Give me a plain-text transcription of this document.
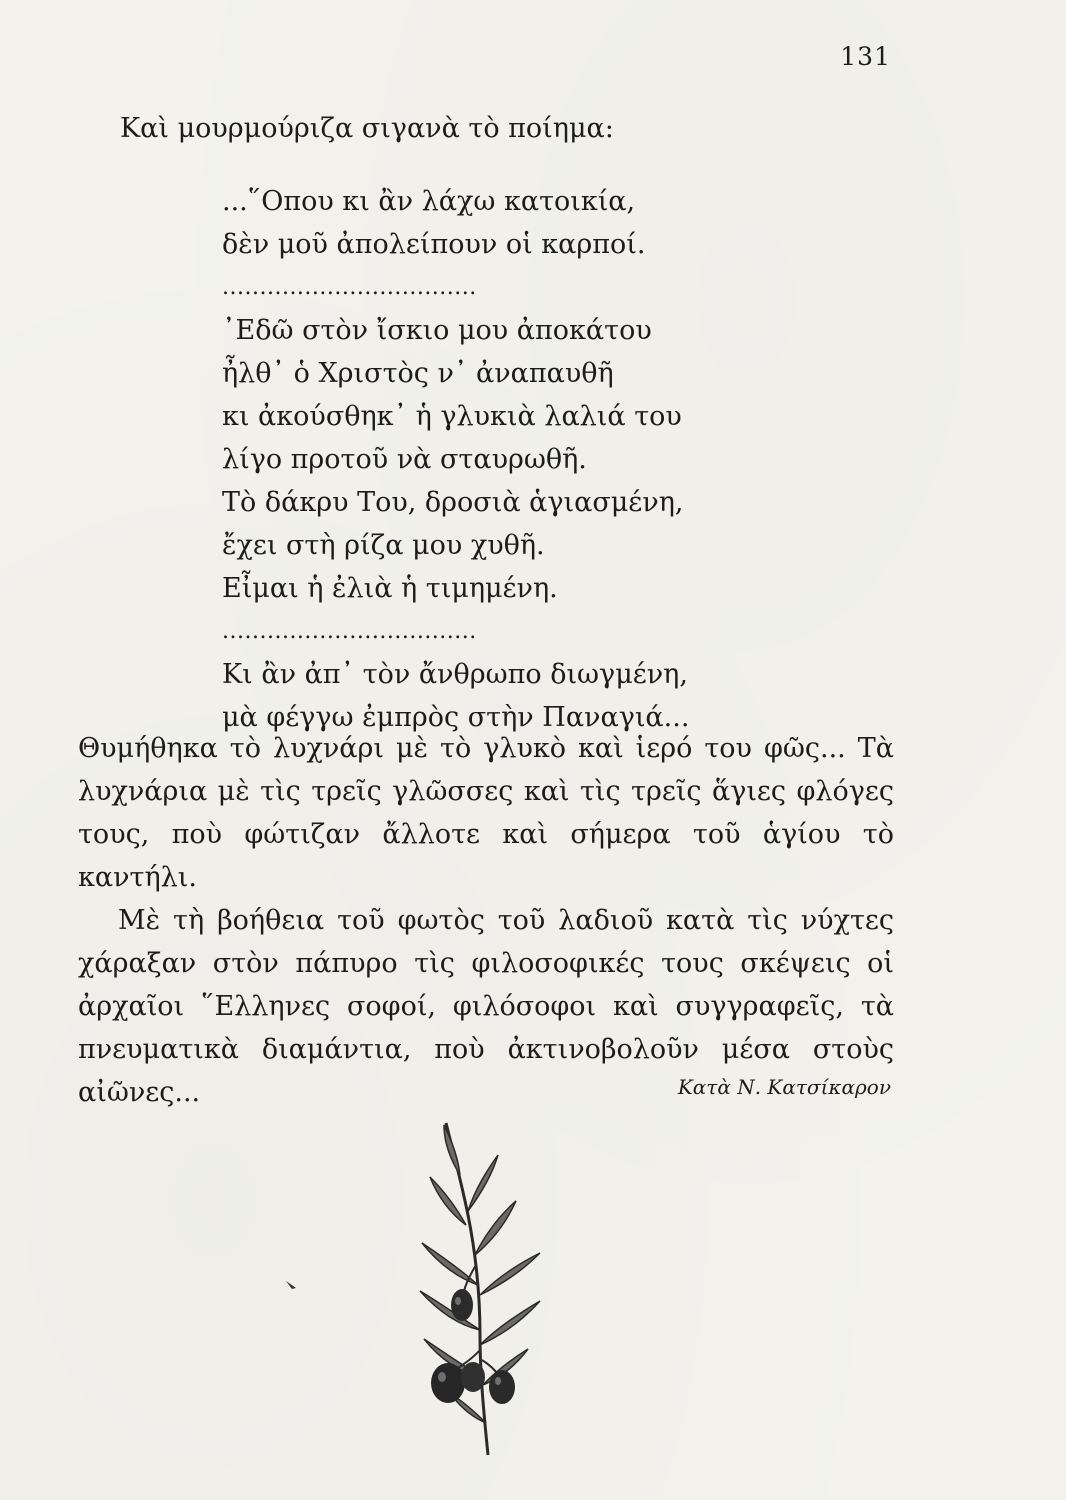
131
Καὶ μουρμούριζα σιγανὰ τὸ ποίημα:
...῞Οπου κι ἂν λάχω κατοικία,
δὲν μοῦ ἀπολείπουν οἱ καρποί.
..................................
᾿Εδῶ στὸν ἴσκιο μου ἀποκάτου
ἦλθ᾿ ὁ Χριστὸς ν᾿ ἀναπαυθῆ
κι ἀκούσθηκ᾿ ἡ γλυκιὰ λαλιά του
λίγο προτοῦ νὰ σταυρωθῆ.
Τὸ δάκρυ Του, δροσιὰ ἁγιασμένη,
ἔχει στὴ ρίζα μου χυθῆ.
Εἶμαι ἡ ἐλιὰ ἡ τιμημένη.
..................................
Κι ἂν ἀπ᾿ τὸν ἄνθρωπο διωγμένη,
μὰ φέγγω ἐμπρὸς στὴν Παναγιά...

Θυμήθηκα τὸ λυχνάρι μὲ τὸ γλυκὸ καὶ ἱερό του φῶς... Τὰ λυχνάρια μὲ τὶς τρεῖς γλῶσσες καὶ τὶς τρεῖς ἅγιες φλόγες τους, ποὺ φώτιζαν ἄλλοτε καὶ σήμερα τοῦ ἁγίου τὸ καντήλι.

Μὲ τὴ βοήθεια τοῦ φωτὸς τοῦ λαδιοῦ κατὰ τὶς νύχτες χάραξαν στὸν πάπυρο τὶς φιλοσοφικές τους σκέψεις οἱ ἀρχαῖοι ῞Ελληνες σοφοί, φιλόσοφοι καὶ συγγραφεῖς, τὰ πνευματικὰ διαμάντια, ποὺ ἀκτινοβολοῦν μέσα στοὺς αἰῶνες...	Κατὰ Ν. Κατσίκαρον
